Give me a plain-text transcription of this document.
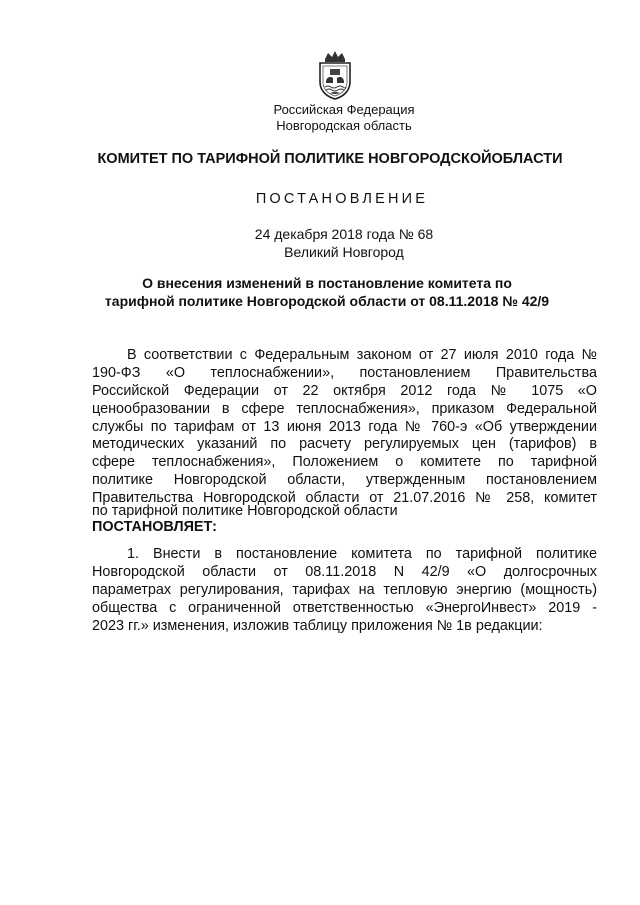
Российская Федерация
Новгородская область
КОМИТЕТ ПО ТАРИФНОЙ ПОЛИТИКЕ НОВГОРОДСКОЙОБЛАСТИ
ПОСТАНОВЛЕНИЕ
24 декабря 2018 года № 68
Великий Новгород
О внесения изменений в постановление комитета по
тарифной политике Новгородской области от 08.11.2018 № 42/9

В соответствии с Федеральным законом от 27 июля 2010 года №

190-ФЗ «О теплоснабжении», постановлением Правительства

Российской Федерации от 22 октября 2012 года № 1075 «О

ценообразовании в сфере теплоснабжения», приказом Федеральной

службы по тарифам от 13 июня 2013 года № 760-э «Об утверждении

методических указаний по расчету регулируемых цен (тарифов) в

сфере теплоснабжения», Положением о комитете по тарифной

политике Новгородской области, утвержденным постановлением

Правительства Новгородской области от 21.07.2016 № 258, комитет

по тарифной политике Новгородской области

ПОСТАНОВЛЯЕТ:

1. Внести в постановление комитета по тарифной политике

Новгородской области от 08.11.2018 N 42/9 «О долгосрочных

параметрах регулирования, тарифах на тепловую энергию (мощность)

общества с ограниченной ответственностью «ЭнергоИнвест» 2019 -

2023 гг.» изменения, изложив таблицу приложения № 1в редакции:
